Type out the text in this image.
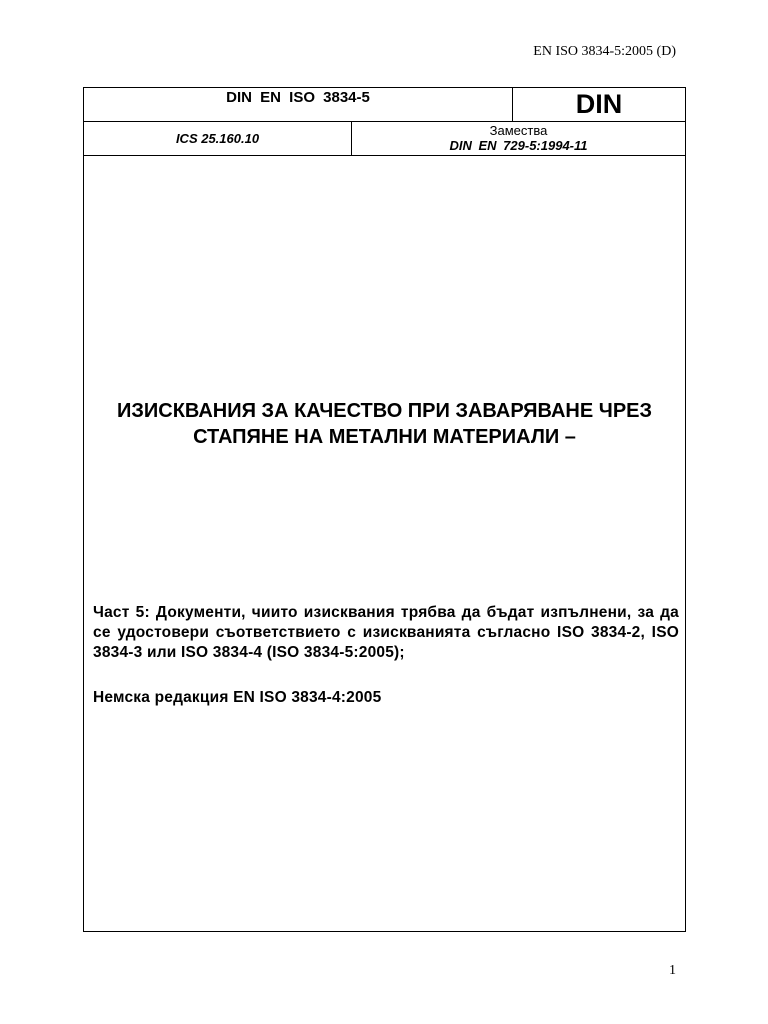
EN ISO 3834-5:2005 (D)
DIN EN ISO 3834-5	DIN
ICS 25.160.10
Замества
DIN EN 729-5:1994-11
ИЗИСКВАНИЯ ЗА КАЧЕСТВО ПРИ ЗАВАРЯВАНЕ ЧРЕЗ
СТАПЯНЕ НА МЕТАЛНИ МАТЕРИАЛИ –

Част 5: Документи, чиито изисквания трябва да бъдат изпълнени, за да се удостовери съответствието с изискванията съгласно ISO 3834-2, ISO 3834-3 или ISO 3834-4 (ISO 3834-5:2005);

Немска редакция EN ISO 3834-4:2005

1
